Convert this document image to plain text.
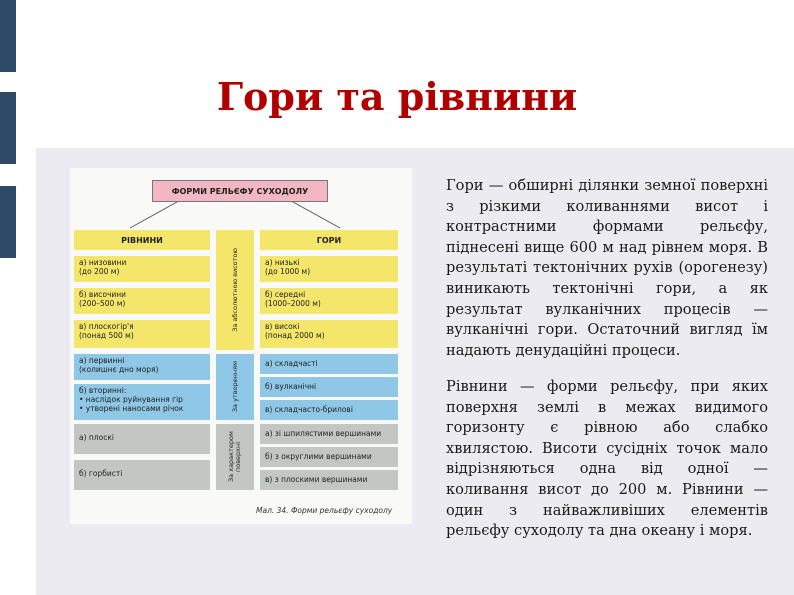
Гори та рівнини
ФОРМИ РЕЛЬЄФУ СУХОДОЛУ
РІВНИНИ	ГОРИ
За абсолютною висотою
За утворенням
За характером поверхні
а) низовини
(до 200 м)
б) височини
(200–500 м)
в) плоскогір'я
(понад 500 м)
а) первинні
(колишнє дно моря)
б) вторинні:
• наслідок руйнування гір
• утворені наносами річок
а) плоскі
б) горбисті
а) низькі
(до 1000 м)
б) середні
(1000–2000 м)
в) високі
(понад 2000 м)
а) складчасті
б) вулканічні
в) складчасто-брилові
а) зі шпилястими вершинами
б) з округлими вершинами
в) з плоскими вершинами
Мал. 34. Форми рельєфу суходолу

Гори — обширні ділянки земної поверхні з різкими коливаннями висот і контрастними формами рельєфу, піднесені вище 600 м над рівнем моря. В результаті тектонічних рухів (орогенезу) виникають тектонічні гори, а як результат вулканічних процесів — вулканічні гори. Остаточний вигляд їм надають денудаційні процеси.

Рівнини — форми рельєфу, при яких поверхня землі в межах видимого горизонту є рівною або слабко хвилястою. Висоти сусідніх точок мало відрізняються одна від одної — коливання висот до 200 м. Рівнини — один з найважливіших елементів рельєфу суходолу та дна океану і моря.
